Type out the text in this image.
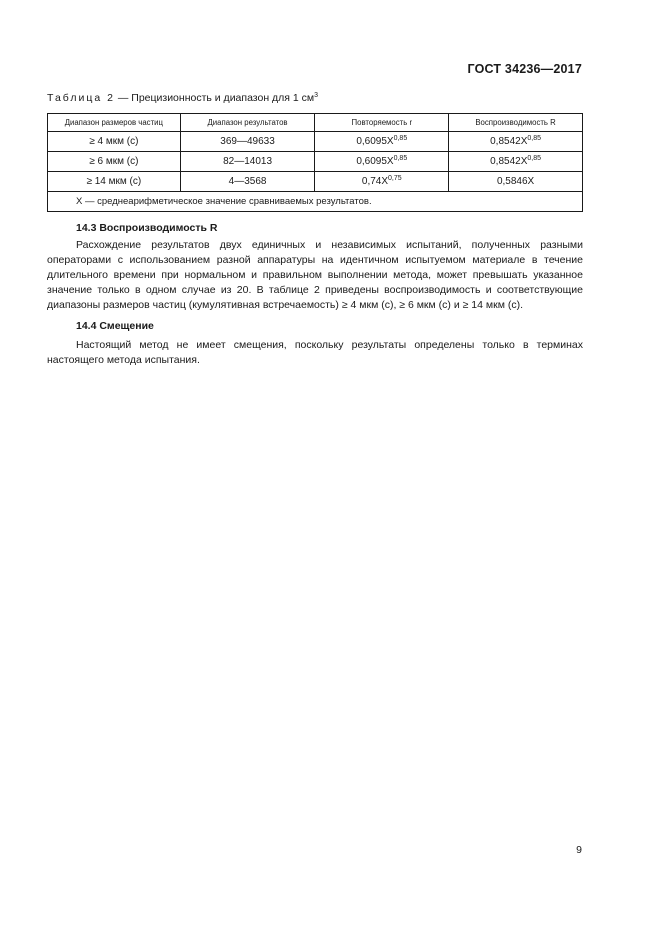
ГОСТ 34236—2017
Таблица 2 — Прецизионность и диапазон для 1 $см^3$
Диапазон размеров частиц	Диапазон результатов	Повторяемость r	Воспроизводимость R
≥ 4 мкм (с)	369—49633	$0,6095X^{0,85}$	$0,8542X^{0,85}$
≥ 6 мкм (с)	82—14013	$0,6095X^{0,85}$	$0,8542X^{0,85}$
≥ 14 мкм (с)	4—3568	$0,74X^{0,75}$	0,5846X
X — среднеарифметическое значение сравниваемых результатов.			
14.3 Воспроизводимость R
Расхождение результатов двух единичных и независимых испытаний, полученных разными операторами с использованием разной аппаратуры на идентичном испытуемом материале в течение длительного времени при нормальном и правильном выполнении метода, может превышать указанное значение только в одном случае из 20. В таблице 2 приведены воспроизводимость и соответствующие диапазоны размеров частиц (кумулятивная встречаемость) ≥ 4 мкм (с), ≥ 6 мкм (с) и ≥ 14 мкм (с).
14.4 Смещение
Настоящий метод не имеет смещения, поскольку результаты определены только в терминах настоящего метода испытания.
9
